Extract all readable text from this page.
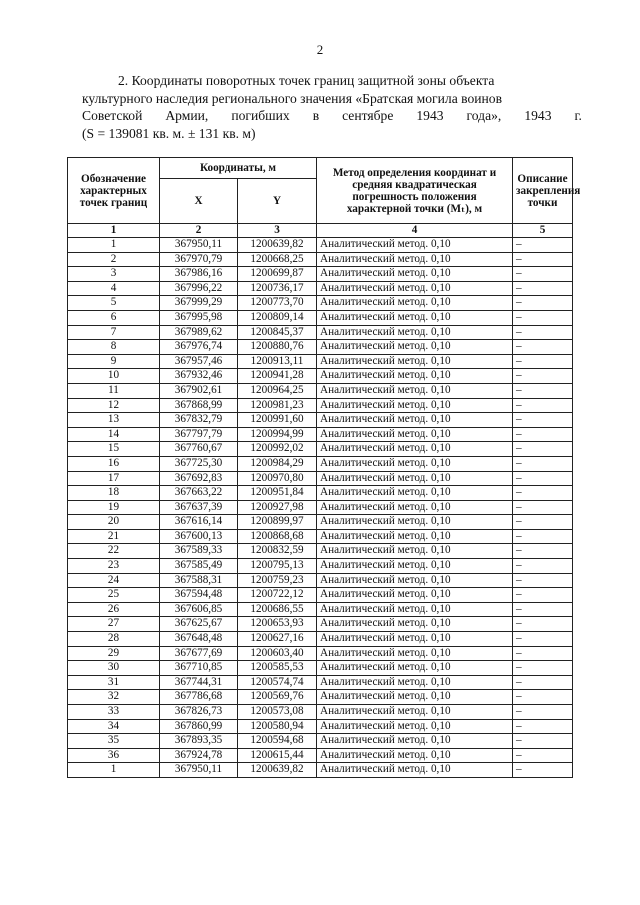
2
2. Координаты поворотных точек границ защитной зоны объекта
культурного наследия регионального значения «Братская могила воинов
Советской Армии, погибших в сентябре 1943 года», 1943 г.
(S = 139081 кв. м. ± 131 кв. м)
Обозначение характерных точек границ	Координаты, м		Метод определения координат и средняя квадратическая погрешность положения характерной точки (Mₜ), м	Описание закрепления точки
	X	Y		
1	2	3	4	5
1	367950,11	1200639,82	Аналитический метод. 0,10	–
2	367970,79	1200668,25	Аналитический метод. 0,10	–
3	367986,16	1200699,87	Аналитический метод. 0,10	–
4	367996,22	1200736,17	Аналитический метод. 0,10	–
5	367999,29	1200773,70	Аналитический метод. 0,10	–
6	367995,98	1200809,14	Аналитический метод. 0,10	–
7	367989,62	1200845,37	Аналитический метод. 0,10	–
8	367976,74	1200880,76	Аналитический метод. 0,10	–
9	367957,46	1200913,11	Аналитический метод. 0,10	–
10	367932,46	1200941,28	Аналитический метод. 0,10	–
11	367902,61	1200964,25	Аналитический метод. 0,10	–
12	367868,99	1200981,23	Аналитический метод. 0,10	–
13	367832,79	1200991,60	Аналитический метод. 0,10	–
14	367797,79	1200994,99	Аналитический метод. 0,10	–
15	367760,67	1200992,02	Аналитический метод. 0,10	–
16	367725,30	1200984,29	Аналитический метод. 0,10	–
17	367692,83	1200970,80	Аналитический метод. 0,10	–
18	367663,22	1200951,84	Аналитический метод. 0,10	–
19	367637,39	1200927,98	Аналитический метод. 0,10	–
20	367616,14	1200899,97	Аналитический метод. 0,10	–
21	367600,13	1200868,68	Аналитический метод. 0,10	–
22	367589,33	1200832,59	Аналитический метод. 0,10	–
23	367585,49	1200795,13	Аналитический метод. 0,10	–
24	367588,31	1200759,23	Аналитический метод. 0,10	–
25	367594,48	1200722,12	Аналитический метод. 0,10	–
26	367606,85	1200686,55	Аналитический метод. 0,10	–
27	367625,67	1200653,93	Аналитический метод. 0,10	–
28	367648,48	1200627,16	Аналитический метод. 0,10	–
29	367677,69	1200603,40	Аналитический метод. 0,10	–
30	367710,85	1200585,53	Аналитический метод. 0,10	–
31	367744,31	1200574,74	Аналитический метод. 0,10	–
32	367786,68	1200569,76	Аналитический метод. 0,10	–
33	367826,73	1200573,08	Аналитический метод. 0,10	–
34	367860,99	1200580,94	Аналитический метод. 0,10	–
35	367893,35	1200594,68	Аналитический метод. 0,10	–
36	367924,78	1200615,44	Аналитический метод. 0,10	–
1	367950,11	1200639,82	Аналитический метод. 0,10	–
